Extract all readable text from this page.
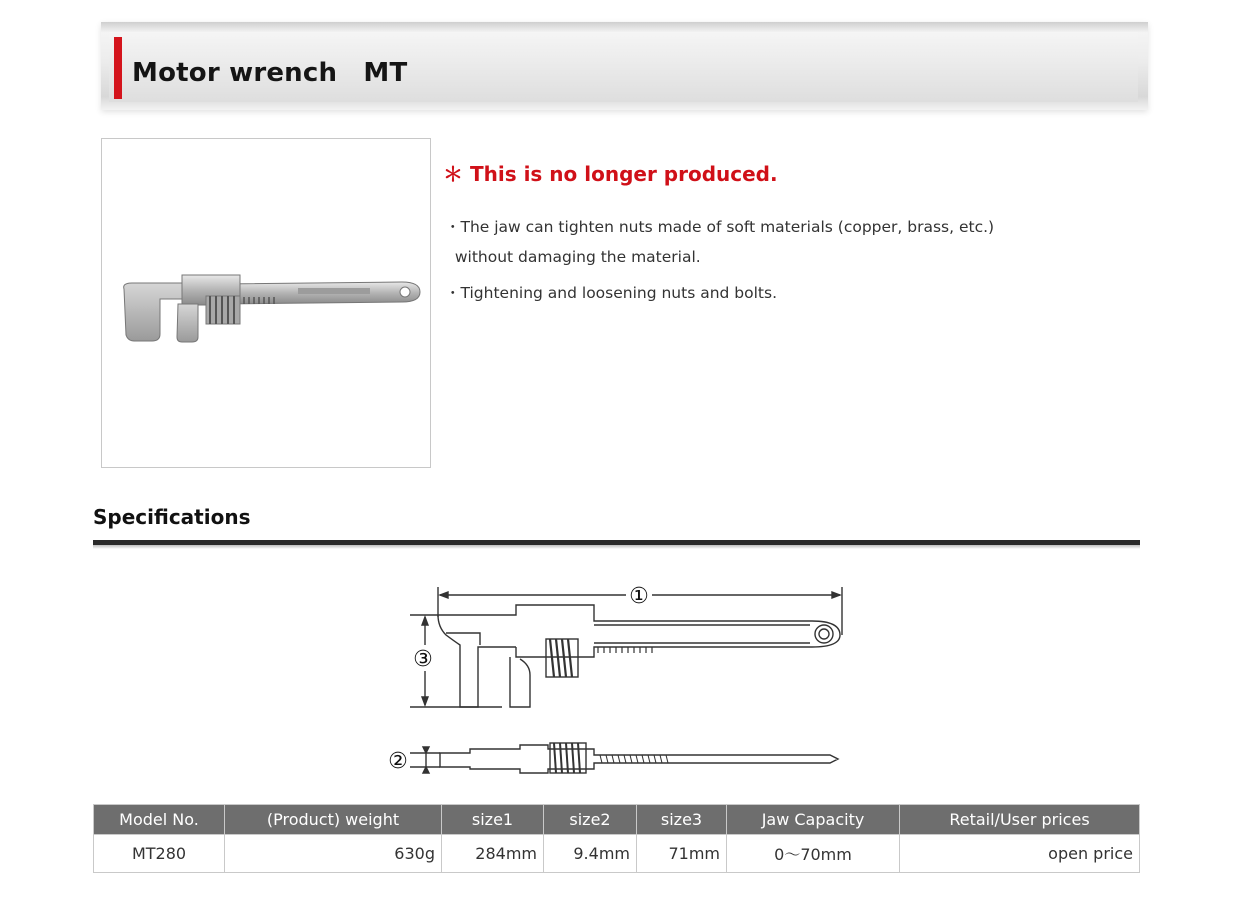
Motor wrench　MT
＊ This is no longer produced.
・The jaw can tighten nuts made of soft materials (copper, brass, etc.)
without damaging the material.
・Tightening and loosening nuts and bolts.
Specifications
①
②
③
Model No.	(Product) weight	size1	size2	size3	Jaw Capacity	Retail/User prices
MT280	630g	284mm	9.4mm	71mm	0〜70mm	open price
